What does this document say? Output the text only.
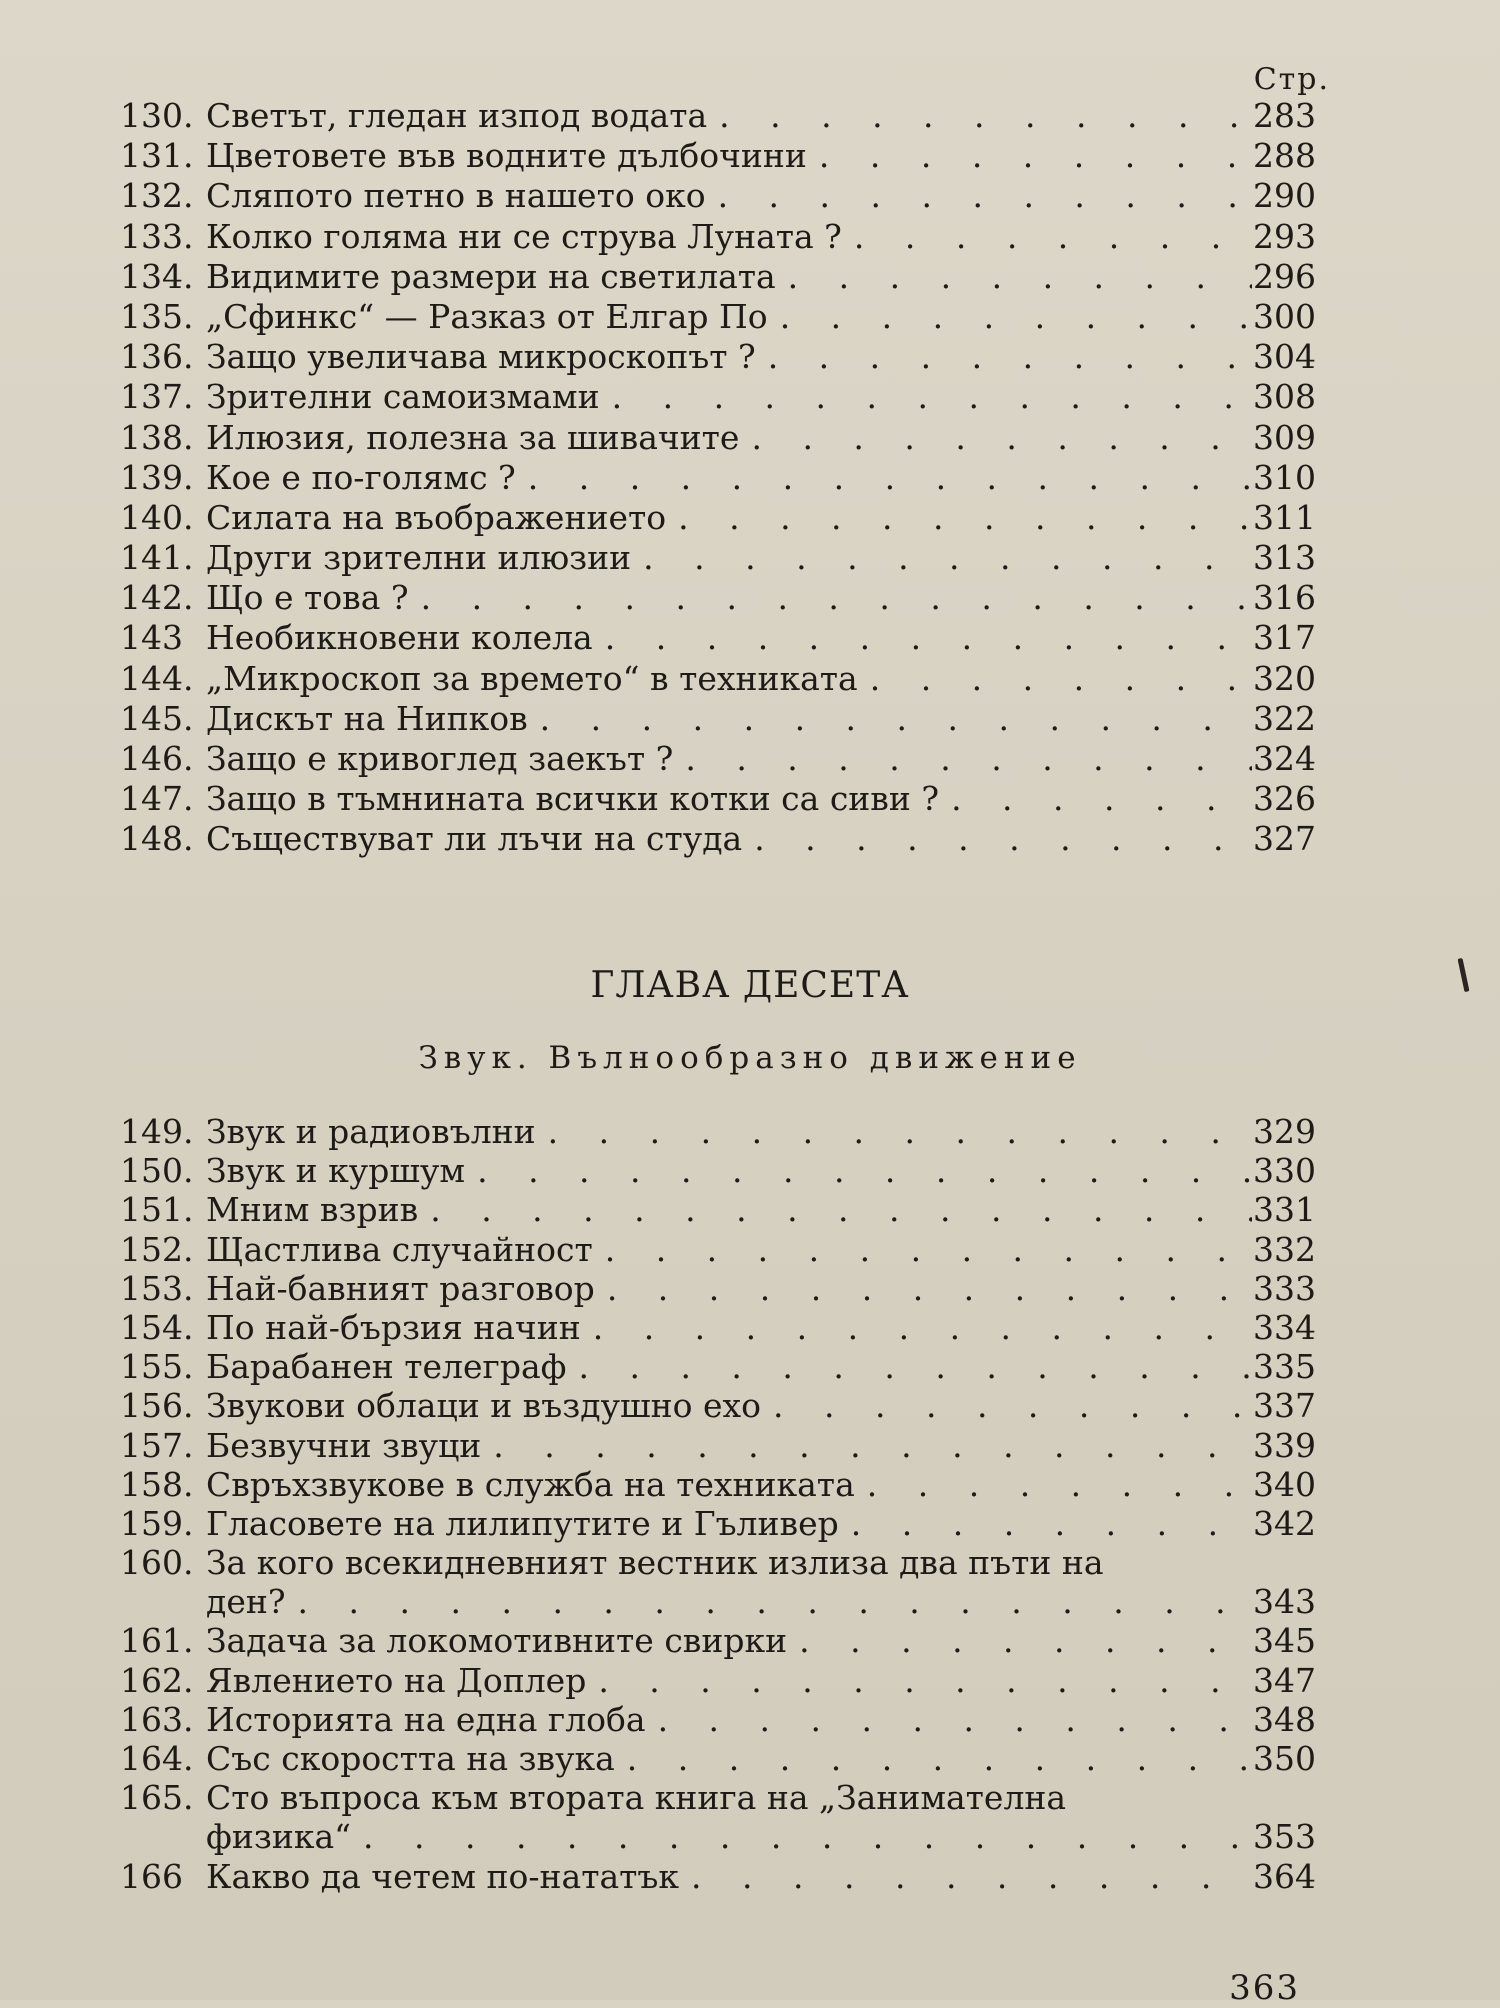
Стр.
130. Светът, гледан изпод водата . . .	283
131. Цветовете във водните дълбочини . . .	288
132. Сляпото петно в нашето око . . .	290
133. Колко голяма ни се струва Луната ? . . .	293
134. Видимите размери на светилата . . .	296
135. „Сфинкс“ — Разказ от Елгар По . . .	300
136. Защо увеличава микроскопът ? . . .	304
137. Зрителни самоизмами . . .	308
138. Илюзия, полезна за шивачите . . .	309
139. Кое е по-голямс ? . . .	310
140. Силата на въображението . . .	311
141. Други зрителни илюзии . . .	313
142. Що е това ? . . .	316
143 Необикновени колела . . .	317
144. „Микроскоп за времето“ в техниката . . .	320
145. Дискът на Нипков . . .	322
146. Защо е кривоглед заекът ? . . .	324
147. Защо в тъмнината всички котки са сиви ? . . .	326
148. Съществуват ли лъчи на студа . . .	327
ГЛАВА ДЕСЕТА
Звук. Вълнообразно движение
149. Звук и радиовълни . . .	329
150. Звук и куршум . . .	330
151. Мним взрив . . .	331
152. Щастлива случайност . . .	332
153. Най-бавният разговор . . .	333
154. По най-бързия начин . . .	334
155. Барабанен телеграф . . .	335
156. Звукови облаци и въздушно ехо . . .	337
157. Безвучни звуци . . .	339
158. Свръхзвукове в служба на техниката . . .	340
159. Гласовете на лилипутите и Гъливер . . .	342
160. За кого всекидневният вестник излиза два пъти на
ден? . . .	343
161. Задача за локомотивните свирки . . .	345
162. Явлението на Доплер . . .	347
163. Историята на една глоба . . .	348
164. Със скоростта на звука . . .	350
165. Сто въпроса към втората книга на „Занимателна
физика“ . . .	353
166 Какво да четем по-нататък . . .	364
363
